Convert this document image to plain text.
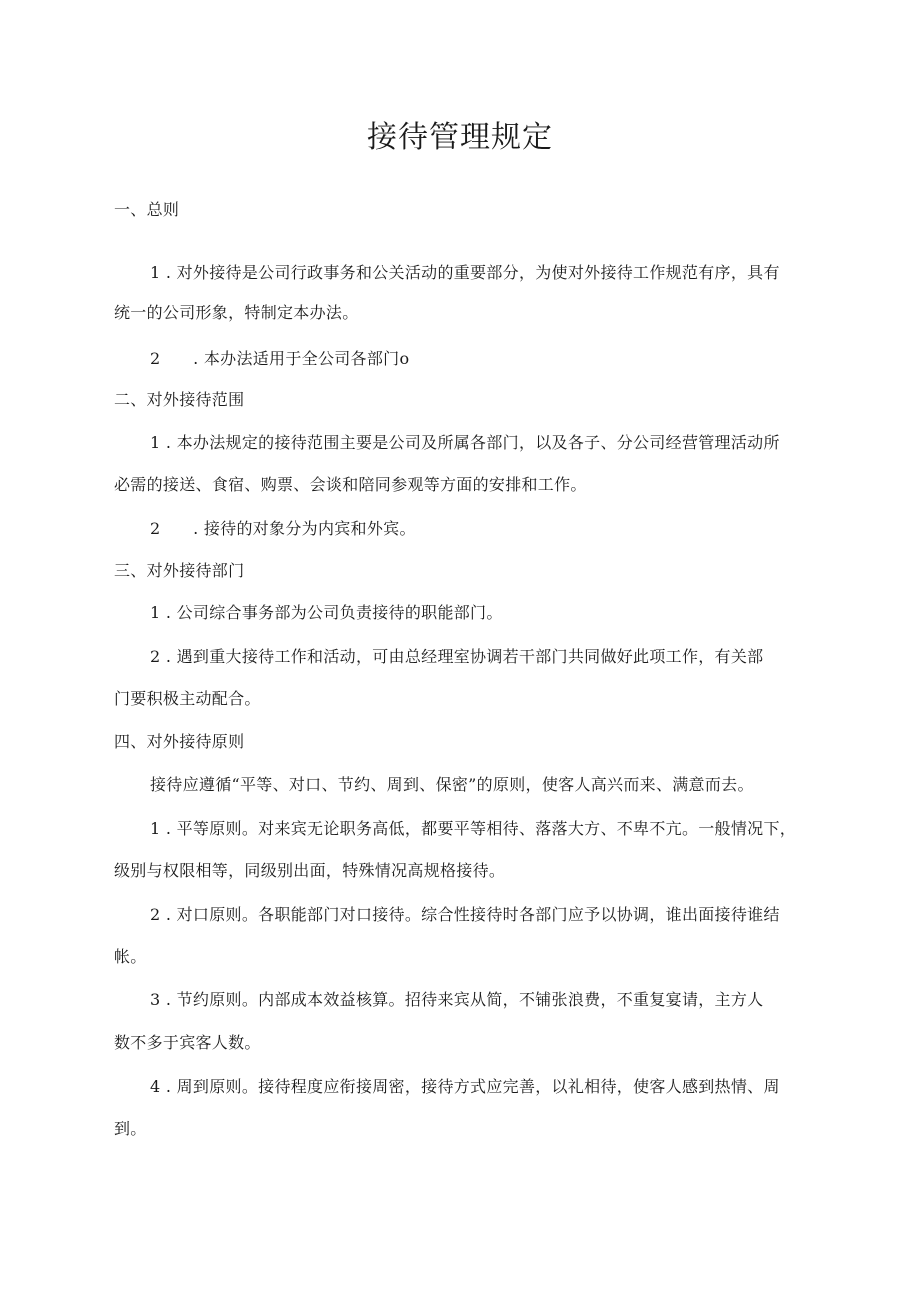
接待管理规定

一、总则

1 . 对外接待是公司行政事务和公关活动的重要部分，为使对外接待工作规范有序，具有

统一的公司形象，特制定本办法。

2　　. 本办法适用于全公司各部门o

二、对外接待范围

1 . 本办法规定的接待范围主要是公司及所属各部门，以及各子、分公司经营管理活动所

必需的接送、食宿、购票、会谈和陪同参观等方面的安排和工作。

2　　. 接待的对象分为内宾和外宾。

三、对外接待部门

1 . 公司综合事务部为公司负责接待的职能部门。

2 . 遇到重大接待工作和活动，可由总经理室协调若干部门共同做好此项工作，有关部

门要积极主动配合。

四、对外接待原则

接待应遵循“平等、对口、节约、周到、保密”的原则，使客人高兴而来、满意而去。

1 . 平等原则。对来宾无论职务高低，都要平等相待、落落大方、不卑不亢。一般情况下，

级别与权限相等，同级别出面，特殊情况高规格接待。

2 . 对口原则。各职能部门对口接待。综合性接待时各部门应予以协调，谁出面接待谁结

帐。

3 . 节约原则。内部成本效益核算。招待来宾从简，不铺张浪费，不重复宴请，主方人

数不多于宾客人数。

4 . 周到原则。接待程度应衔接周密，接待方式应完善，以礼相待，使客人感到热情、周

到。
